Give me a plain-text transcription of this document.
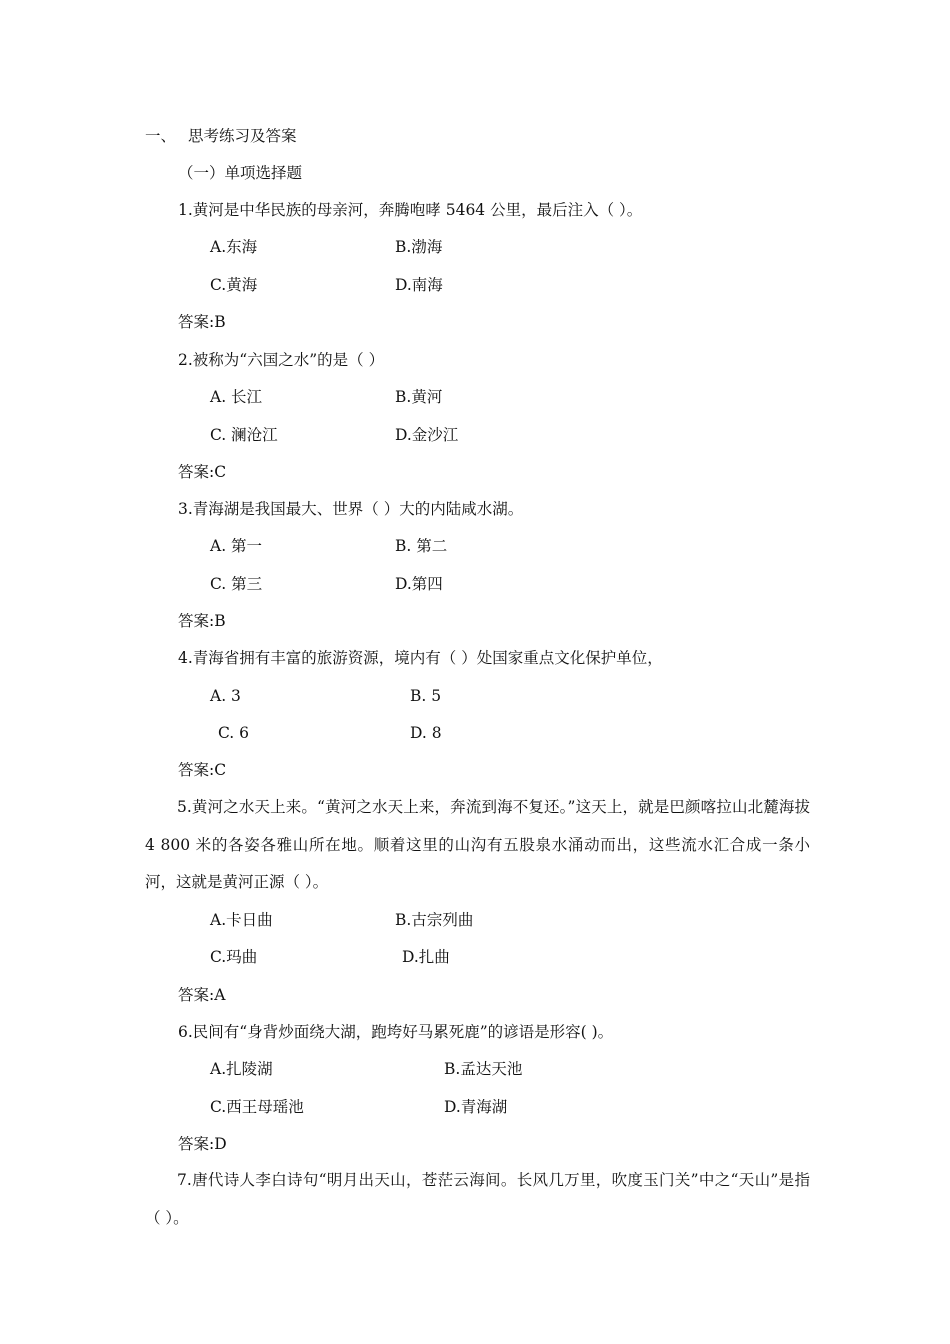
一、 思考练习及答案
（一）单项选择题
1.黄河是中华民族的母亲河，奔腾咆哮 5464 公里，最后注入（ ）。
A.东海	B.渤海
C.黄海	D.南海
答案:B
2.被称为“六国之水”的是（ ）
A. 长江	B.黄河
C. 澜沧江	D.金沙江
答案:C
3.青海湖是我国最大、世界（ ）大的内陆咸水湖。
A. 第一	B. 第二
C. 第三	D.第四
答案:B
4.青海省拥有丰富的旅游资源，境内有（ ）处国家重点文化保护单位，
A. 3	B. 5
C. 6	D. 8
答案:C
5.黄河之水天上来。“黄河之水天上来，奔流到海不复还。”这天上，就是巴颜喀拉山北麓海拔 4 800 米的各姿各雅山所在地。顺着这里的山沟有五股泉水涌动而出，这些流水汇合成一条小河，这就是黄河正源（ ）。
A.卡日曲	B.古宗列曲
C.玛曲	D.扎曲
答案:A
6.民间有“身背炒面绕大湖，跑垮好马累死鹿”的谚语是形容( )。
A.扎陵湖	B.孟达天池
C.西王母瑶池	D.青海湖
答案:D
7.唐代诗人李白诗句“明月出天山，苍茫云海间。长风几万里，吹度玉门关”中之“天山”是指（ ）。
